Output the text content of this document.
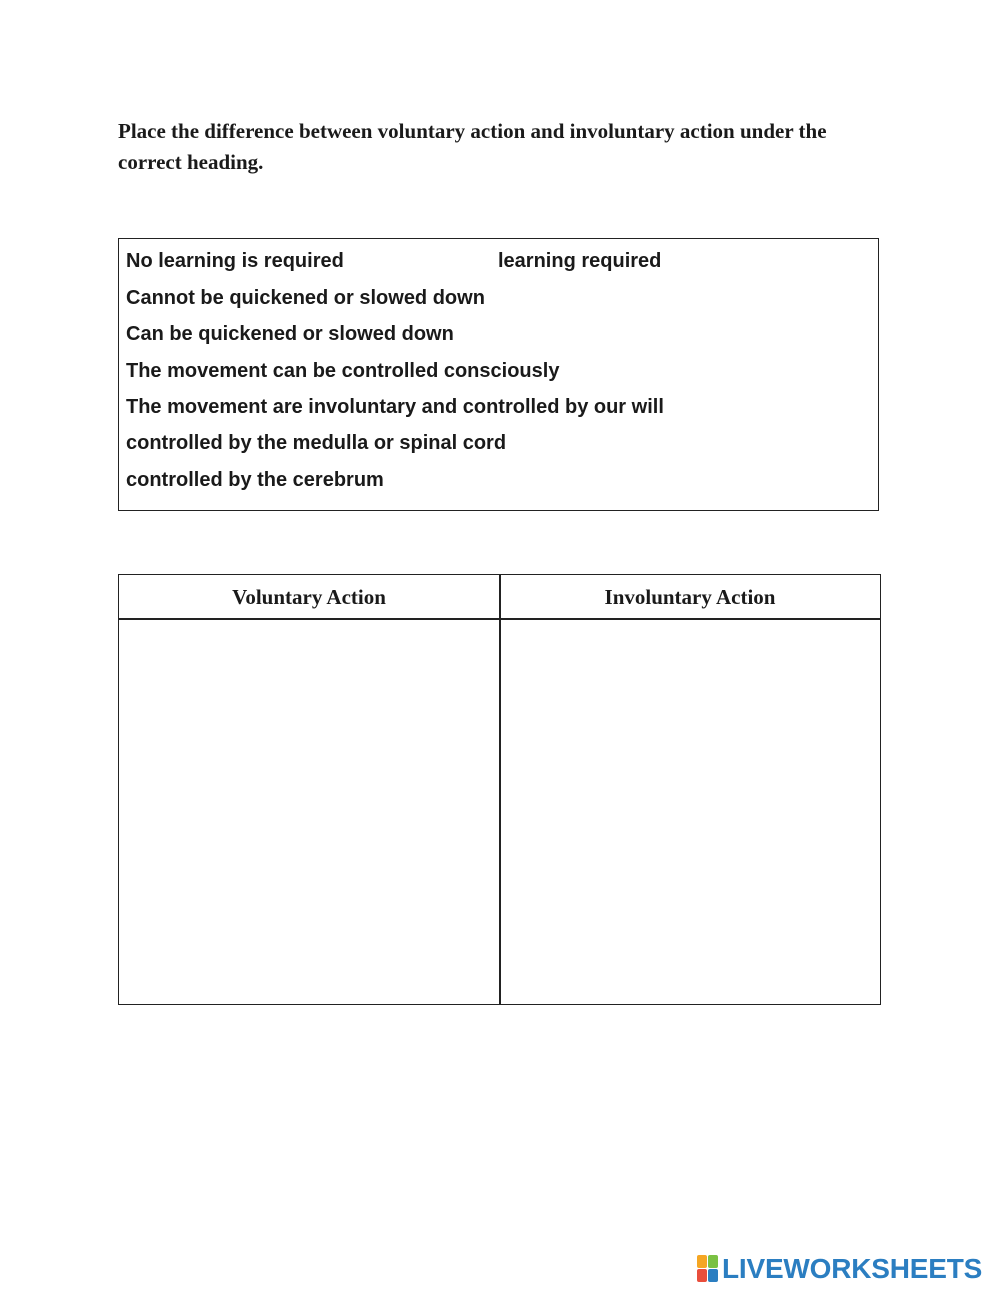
Place the difference between voluntary action and involuntary action under the correct heading.

No learning is required	learning required
Cannot be quickened or slowed down
Can be quickened or slowed down
The movement can be controlled consciously
The movement are involuntary and controlled by our will
controlled by the medulla or spinal cord
controlled by the cerebrum
Voluntary Action	Involuntary Action
LIVEWORKSHEETS
